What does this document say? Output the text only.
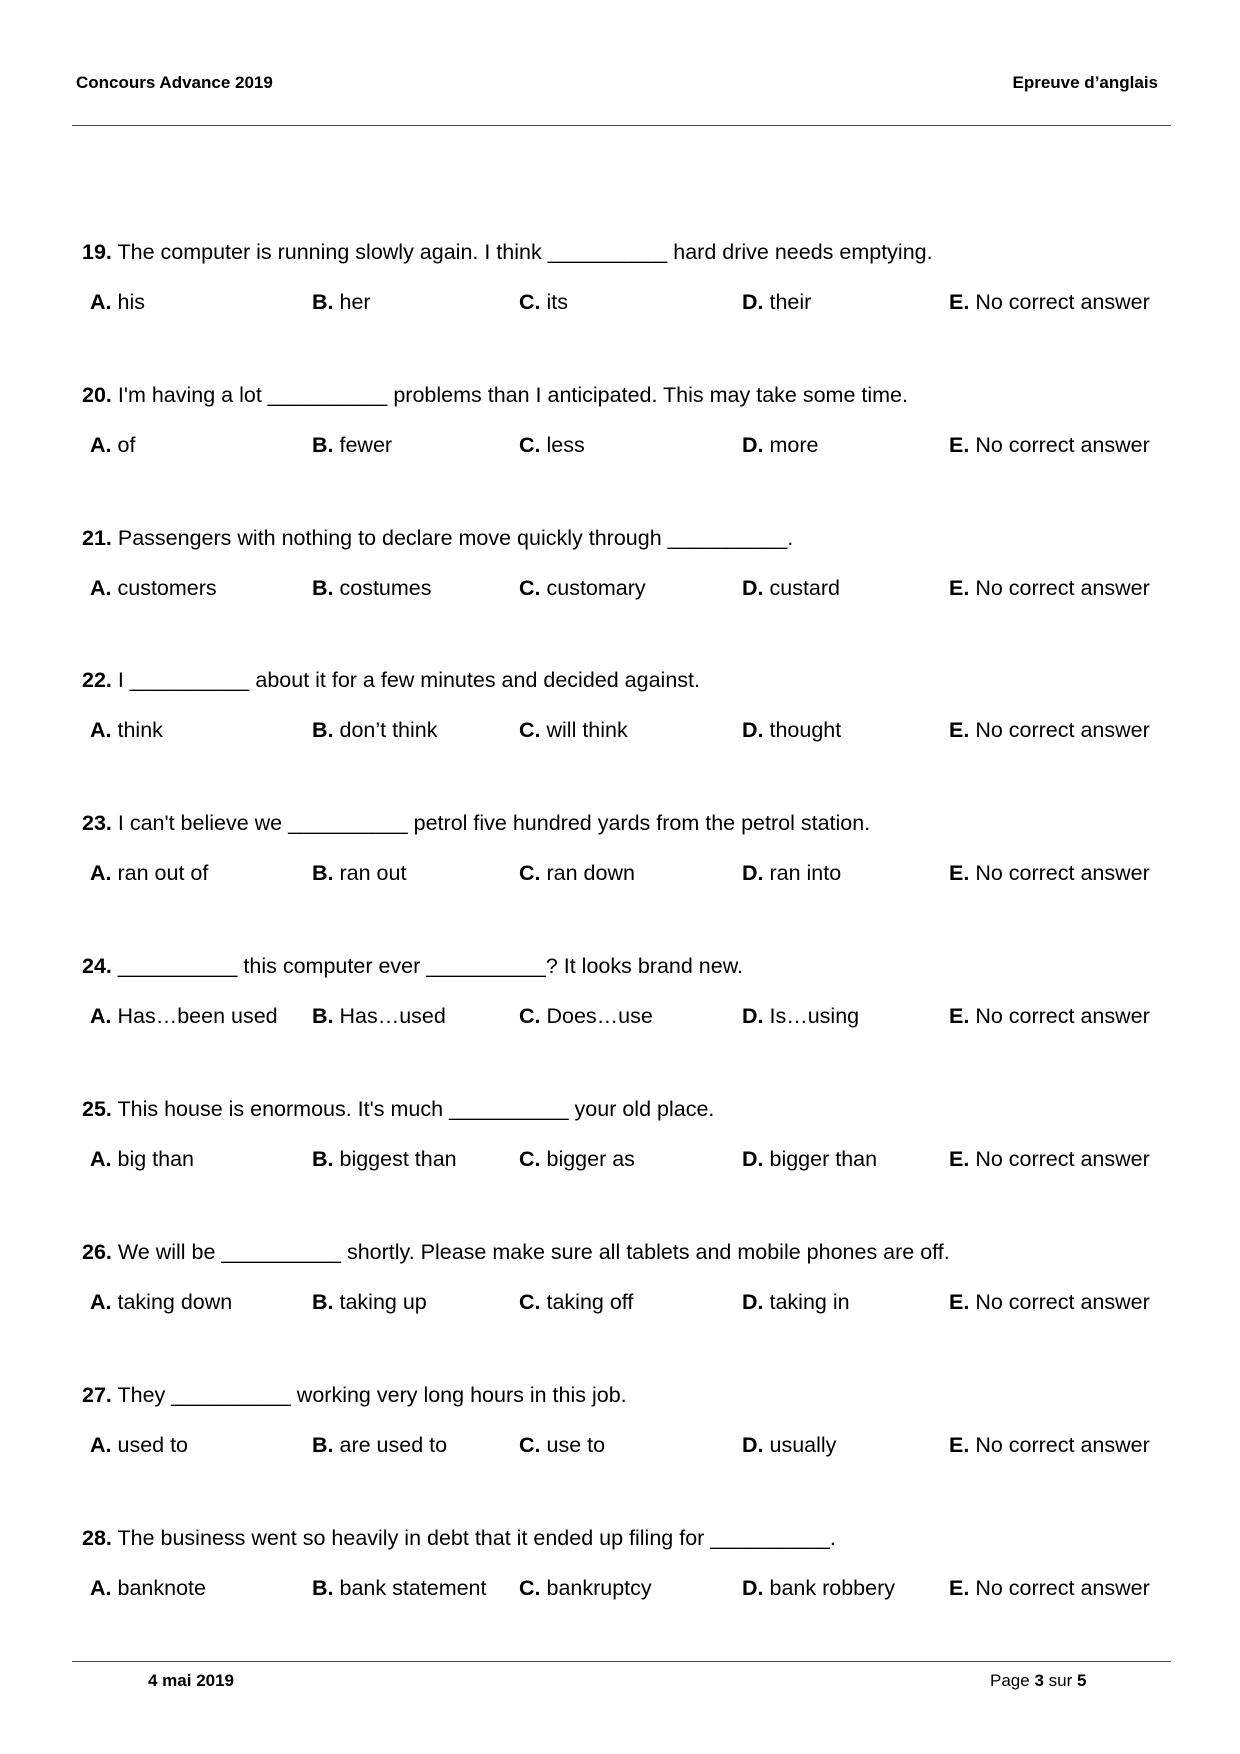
Concours Advance 2019	Epreuve d’anglais
19. The computer is running slowly again. I think __________ hard drive needs emptying.
A. his	B. her	C. its	D. their	E. No correct answer
20. I'm having a lot __________ problems than I anticipated. This may take some time.
A. of	B. fewer	C. less	D. more	E. No correct answer
21. Passengers with nothing to declare move quickly through __________.
A. customers	B. costumes	C. customary	D. custard	E. No correct answer
22. I __________ about it for a few minutes and decided against.
A. think	B. don’t think	C. will think	D. thought	E. No correct answer
23. I can't believe we __________ petrol five hundred yards from the petrol station.
A. ran out of	B. ran out	C. ran down	D. ran into	E. No correct answer
24. __________ this computer ever __________? It looks brand new.
A. Has…been used B. Has…used	C. Does…use	D. Is…using	E. No correct answer
25. This house is enormous. It's much __________ your old place.
A. big than	B. biggest than	C. bigger as	D. bigger than	E. No correct answer
26. We will be __________ shortly. Please make sure all tablets and mobile phones are off.
A. taking down	B. taking up	C. taking off	D. taking in	E. No correct answer
27. They __________ working very long hours in this job.
A. used to	B. are used to	C. use to	D. usually	E. No correct answer
28. The business went so heavily in debt that it ended up filing for __________.
A. banknote	B. bank statement C. bankruptcy	D. bank robbery	E. No correct answer
4 mai 2019	Page 3 sur 5
